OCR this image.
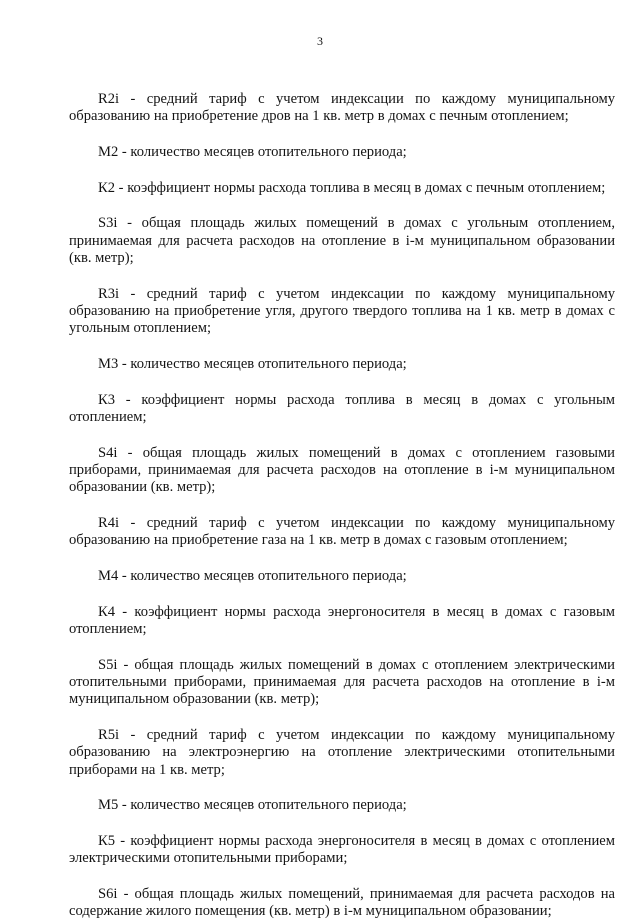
3

R2i - средний тариф с учетом индексации по каждому муниципальному образованию на приобретение дров на 1 кв. метр в домах с печным отоплением;

М2 - количество месяцев отопительного периода;

К2 - коэффициент нормы расхода топлива в месяц в домах с печным отоплением;

S3i - общая площадь жилых помещений в домах с угольным отоплением, принимаемая для расчета расходов на отопление в i-м муниципальном образовании (кв. метр);

R3i - средний тариф с учетом индексации по каждому муниципальному образованию на приобретение угля, другого твердого топлива на 1 кв. метр в домах с угольным отоплением;

М3 - количество месяцев отопительного периода;

К3 - коэффициент нормы расхода топлива в месяц в домах с угольным отоплением;

S4i - общая площадь жилых помещений в домах с отоплением газовыми приборами, принимаемая для расчета расходов на отопление в i-м муниципальном образовании (кв. метр);

R4i - средний тариф с учетом индексации по каждому муниципальному образованию на приобретение газа на 1 кв. метр в домах с газовым отоплением;

М4 - количество месяцев отопительного периода;

К4 - коэффициент нормы расхода энергоносителя в месяц в домах с газовым отоплением;

S5i - общая площадь жилых помещений в домах с отоплением электрическими отопительными приборами, принимаемая для расчета расходов на отопление в i-м муниципальном образовании (кв. метр);

R5i - средний тариф с учетом индексации по каждому муниципальному образованию на электроэнергию на отопление электрическими отопительными приборами на 1 кв. метр;

М5 - количество месяцев отопительного периода;

К5 - коэффициент нормы расхода энергоносителя в месяц в домах с отоплением электрическими отопительными приборами;

S6i - общая площадь жилых помещений, принимаемая для расчета расходов на содержание жилого помещения (кв. метр) в i-м муниципальном образовании;
